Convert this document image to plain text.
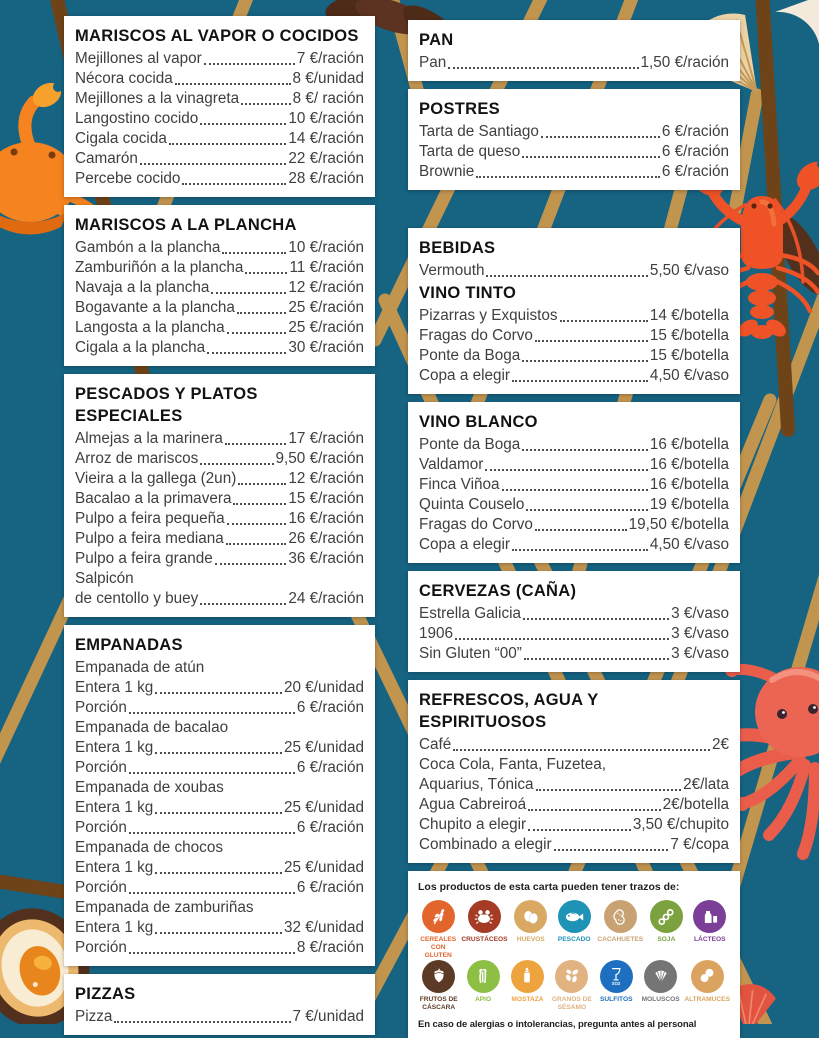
MARISCOS AL VAPOR O COCIDOS
Mejillones al vapor	7 €/ración
Nécora cocida	8 €/unidad
Mejillones a la vinagreta	8 €/ ración
Langostino cocido	10 €/ración
Cigala cocida	14 €/ración
Camarón	22 €/ración
Percebe cocido	28 €/ración
MARISCOS A LA PLANCHA
Gambón a la plancha	10 €/ración
Zamburiñón a la plancha	11 €/ración
Navaja a la plancha	12 €/ración
Bogavante a la plancha	25 €/ración
Langosta a la plancha	25 €/ración
Cigala a la plancha	30 €/ración
PESCADOS Y PLATOS ESPECIALES
Almejas a la marinera	17 €/ración
Arroz de mariscos	9,50 €/ración
Vieira a la gallega (2un)	12 €/ración
Bacalao a la primavera	15 €/ración
Pulpo a feira pequeña	16 €/ración
Pulpo a feira mediana	26 €/ración
Pulpo a feira grande	36 €/ración
Salpicón
de centollo y buey	24 €/ración
EMPANADAS
Empanada de atún
Entera 1 kg	20 €/unidad
Porción	6 €/ración
Empanada de bacalao
Entera 1 kg	25 €/unidad
Porción	6 €/ración
Empanada de xoubas
Entera 1 kg	25 €/unidad
Porción	6 €/ración
Empanada de chocos
Entera 1 kg	25 €/unidad
Porción	6 €/ración
Empanada de zamburiñas
Entera 1 kg	32 €/unidad
Porción	8 €/ración
PIZZAS
Pizza	7 €/unidad
PAN
Pan	1,50 €/ración
POSTRES
Tarta de Santiago	6 €/ración
Tarta de queso	6 €/ración
Brownie	6 €/ración
BEBIDAS
Vermouth	5,50 €/vaso
VINO TINTO
Pizarras y Exquistos	14 €/botella
Fragas do Corvo	15 €/botella
Ponte da Boga	15 €/botella
Copa a elegir	4,50 €/vaso
VINO BLANCO
Ponte da Boga	16 €/botella
Valdamor	16 €/botella
Finca Viñoa	16 €/botella
Quinta Couselo	19 €/botella
Fragas do Corvo	19,50 €/botella
Copa a elegir	4,50 €/vaso
CERVEZAS (CAÑA)
Estrella Galicia	3 €/vaso
1906	3 €/vaso
Sin Gluten “00”	3 €/vaso
REFRESCOS, AGUA Y ESPIRITUOSOS
Café	2€
Coca Cola, Fanta, Fuzetea,
Aquarius, Tónica	2€/lata
Agua Cabreiroá	2€/botella
Chupito a elegir	3,50 €/chupito
Combinado a elegir	7 €/copa
Los productos de esta carta pueden tener trazos de:
CEREALES CON GLUTEN
CRUSTÁCEOS	HUEVOS	PESCADO	CACAHUETES	SOJA	LÁCTEOS
FRUTOS DE CÁSCARA
APIO	MOSTAZA	GRANOS DE SÉSAMO
SO2
SULFITOS	MOLUSCOS ALTRAMUCES
En caso de alergias o intolerancias, pregunta antes al personal
